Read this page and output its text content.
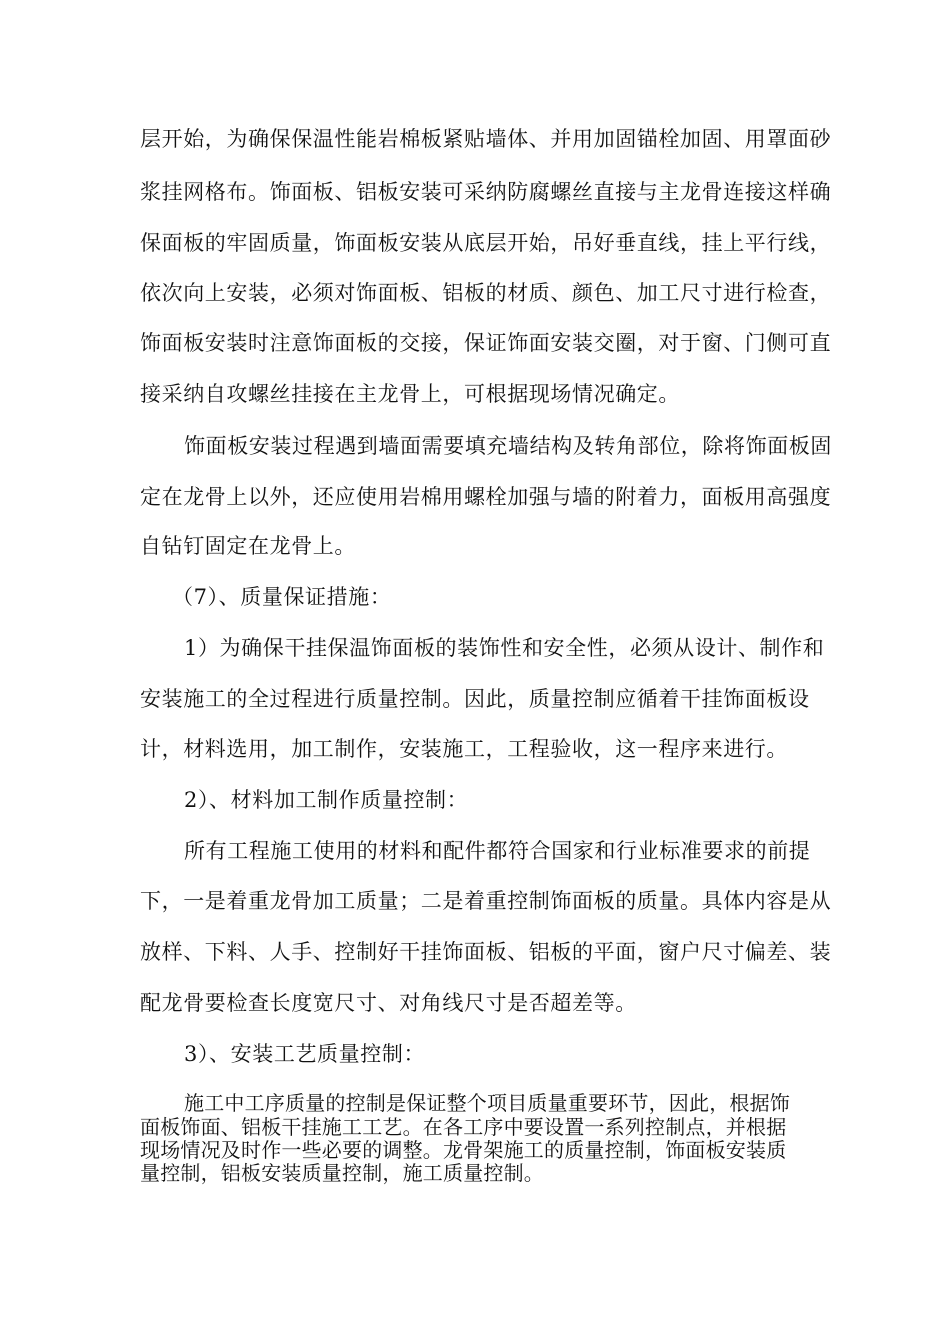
层开始，为确保保温性能岩棉板紧贴墙体、并用加固锚栓加固、用罩面砂
浆挂网格布。饰面板、铝板安装可采纳防腐螺丝直接与主龙骨连接这样确
保面板的牢固质量，饰面板安装从底层开始，吊好垂直线，挂上平行线，
依次向上安装，必须对饰面板、铝板的材质、颜色、加工尺寸进行检查，
饰面板安装时注意饰面板的交接，保证饰面安装交圈，对于窗、门侧可直
接采纳自攻螺丝挂接在主龙骨上，可根据现场情况确定。
饰面板安装过程遇到墙面需要填充墙结构及转角部位，除将饰面板固
定在龙骨上以外，还应使用岩棉用螺栓加强与墙的附着力，面板用高强度
自钻钉固定在龙骨上。
（7）、质量保证措施：
1）为确保干挂保温饰面板的装饰性和安全性，必须从设计、制作和
安装施工的全过程进行质量控制。因此，质量控制应循着干挂饰面板设
计，材料选用，加工制作，安装施工，工程验收，这一程序来进行。
2）、材料加工制作质量控制：
所有工程施工使用的材料和配件都符合国家和行业标准要求的前提
下，一是着重龙骨加工质量；二是着重控制饰面板的质量。具体内容是从
放样、下料、人手、控制好干挂饰面板、铝板的平面，窗户尺寸偏差、装
配龙骨要检查长度宽尺寸、对角线尺寸是否超差等。
3）、安装工艺质量控制：
施工中工序质量的控制是保证整个项目质量重要环节，因此，根据饰
面板饰面、铝板干挂施工工艺。在各工序中要设置一系列控制点，并根据
现场情况及时作一些必要的调整。龙骨架施工的质量控制，饰面板安装质
量控制，铝板安装质量控制，施工质量控制。
